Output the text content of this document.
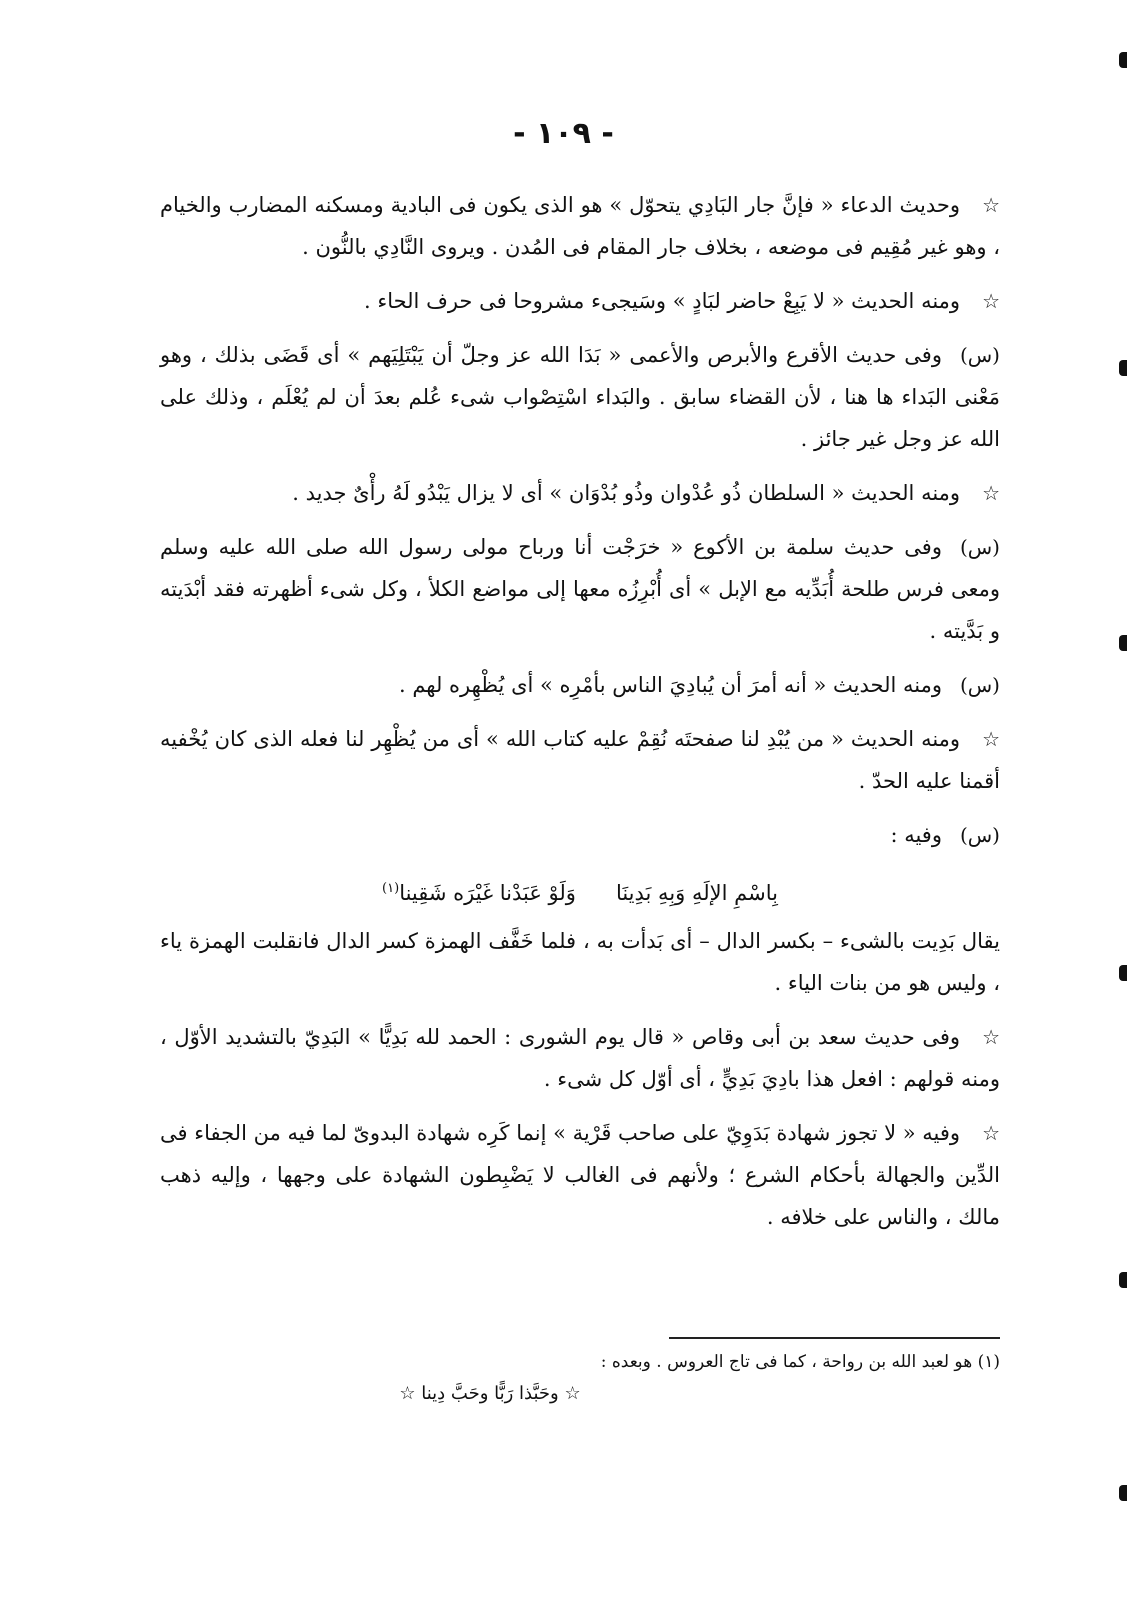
- ١٠٩ -

☆وحديث الدعاء « فإنَّ جار البَادِي يتحوّل » هو الذى يكون فى البادية ومسكنه المضارب والخيام ، وهو غير مُقِيم فى موضعه ، بخلاف جار المقام فى المُدن . ويروى النَّادِي بالنُّون .

☆ومنه الحديث « لا يَبِعْ حاضر لبَادٍ » وسَيجىء مشروحا فى حرف الحاء .

(س)وفى حديث الأقرع والأبرص والأعمى « بَدَا الله عز وجلّ أن يَبْتَلِيَهم » أى قَضَى بذلك ، وهو مَعْنى البَداء ها هنا ، لأن القضاء سابق . والبَداء اسْتِصْواب شىء عُلم بعدَ أن لم يُعْلَم ، وذلك على الله عز وجل غير جائز .

☆ومنه الحديث « السلطان ذُو عُدْوان وذُو بُدْوَان » أى لا يزال يَبْدُو لَهُ رأْىٌ جديد .

(س)وفى حديث سلمة بن الأكوع « خرَجْت أنا ورباح مولى رسول الله صلى الله عليه وسلم ومعى فرس طلحة أُبَدِّيه مع الإبل » أى أُبْرِزُه معها إلى مواضع الكلأ ، وكل شىء أظهرته فقد أبْدَيته و بَدَّيته .

(س)ومنه الحديث « أنه أمرَ أن يُبادِيَ الناس بأمْرِه » أى يُظْهِره لهم .

☆ومنه الحديث « من يُبْدِ لنا صفحتَه نُقِمْ عليه كتاب الله » أى من يُظْهِر لنا فعله الذى كان يُخْفيه أقمنا عليه الحدّ .

(س)وفيه :

بِاسْمِ الإلَهِ وَبِهِ بَدِينَاوَلَوْ عَبَدْنا غَيْرَه شَقِينا$^{(١)}$

يقال بَدِيت بالشىء – بكسر الدال – أى بَدأت به ، فلما خَفَّف الهمزة كسر الدال فانقلبت الهمزة ياء ، وليس هو من بنات الياء .

☆وفى حديث سعد بن أبى وقاص « قال يوم الشورى : الحمد لله بَدِيًّا » البَدِيّ بالتشديد الأوّل ، ومنه قولهم : افعل هذا بادِيَ بَدِيٍّ ، أى أوّل كل شىء .

☆وفيه « لا تجوز شهادة بَدَوِيّ على صاحب قَرْية » إنما كَرِه شهادة البدوىّ لما فيه من الجفاء فى الدِّين والجهالة بأحكام الشرع ؛ ولأنهم فى الغالب لا يَضْبِطون الشهادة على وجهها ، وإليه ذهب مالك ، والناس على خلافه .

(١) هو لعبد الله بن رواحة ، كما فى تاج العروس . وبعده :
☆ وحَبَّذا رَبًّا وحَبَّ دِينا ☆
